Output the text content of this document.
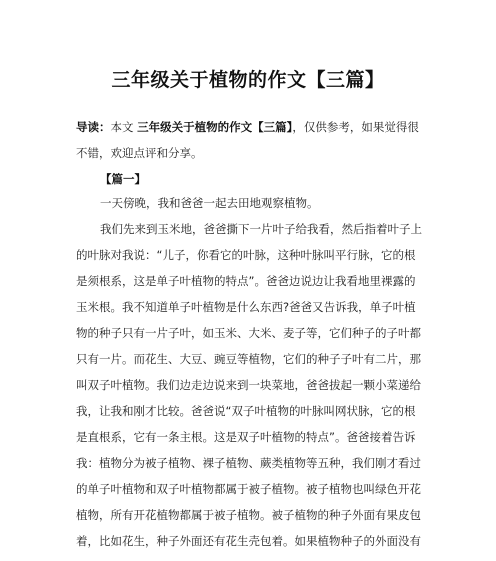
三年级关于植物的作文【三篇】
导读：本文 三年级关于植物的作文【三篇】，仅供参考，如果觉得很
不错，欢迎点评和分享。
【篇一】
一天傍晚，我和爸爸一起去田地观察植物。
我们先来到玉米地，爸爸撕下一片叶子给我看，然后指着叶子上
的叶脉对我说：“儿子，你看它的叶脉，这种叶脉叫平行脉，它的根
是须根系，这是单子叶植物的特点”。爸爸边说边让我看地里裸露的
玉米根。我不知道单子叶植物是什么东西?爸爸又告诉我，单子叶植
物的种子只有一片子叶，如玉米、大米、麦子等，它们种子的子叶都
只有一片。而花生、大豆、豌豆等植物，它们的种子子叶有二片，那
叫双子叶植物。我们边走边说来到一块菜地，爸爸拔起一颗小菜递给
我，让我和刚才比较。爸爸说“双子叶植物的叶脉叫网状脉，它的根
是直根系，它有一条主根。这是双子叶植物的特点”。爸爸接着告诉
我：植物分为被子植物、裸子植物、蕨类植物等五种，我们刚才看过
的单子叶植物和双子叶植物都属于被子植物。被子植物也叫绿色开花
植物，所有开花植物都属于被子植物。被子植物的种子外面有果皮包
着，比如花生，种子外面还有花生壳包着。如果植物种子的外面没有
